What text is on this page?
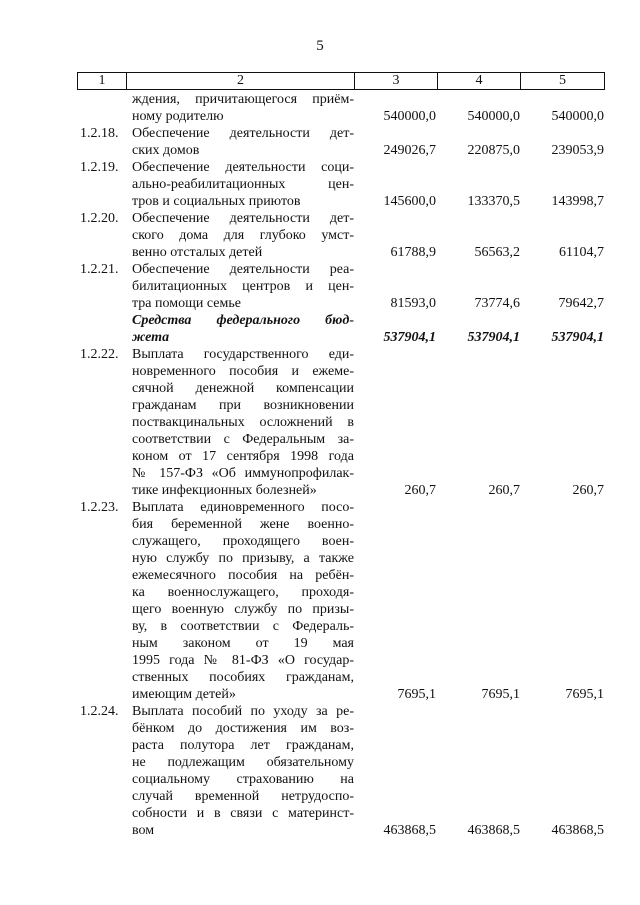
5
1	2	3	4	5
ждения, причитающегося приём-
ному родителю	540000,0 540000,0 540000,0
1.2.18. Обеспечение деятельности дет-
ских домов	249026,7 220875,0 239053,9
1.2.19. Обеспечение деятельности соци-
ально-реабилитационных цен-
тров и социальных приютов	145600,0 133370,5 143998,7
1.2.20. Обеспечение деятельности дет-
ского дома для глубоко умст-
венно отсталых детей	61788,9	56563,2	61104,7
1.2.21. Обеспечение деятельности реа-
билитационных центров и цен-
тра помощи семье	81593,0	73774,6	79642,7
Средства федерального бюд-
жета	537904,1 537904,1 537904,1
1.2.22. Выплата государственного еди-
новременного пособия и ежеме-
сячной денежной компенсации
гражданам при возникновении
поствакцинальных осложнений в
соответствии с Федеральным за-
коном от 17 сентября 1998 года
№ 157-ФЗ «Об иммунопрофилак-
тике инфекционных болезней»	260,7	260,7	260,7
1.2.23. Выплата единовременного посо-
бия беременной жене военно-
служащего, проходящего воен-
ную службу по призыву, а также
ежемесячного пособия на ребён-
ка военнослужащего, проходя-
щего военную службу по призы-
ву, в соответствии с Федераль-
ным законом от 19 мая
1995 года № 81-ФЗ «О государ-
ственных пособиях гражданам,
имеющим детей»	7695,1	7695,1	7695,1
1.2.24. Выплата пособий по уходу за ре-
бёнком до достижения им воз-
раста полутора лет гражданам,
не подлежащим обязательному
социальному страхованию на
случай временной нетрудоспо-
собности и в связи с материнст-
вом	463868,5 463868,5 463868,5
